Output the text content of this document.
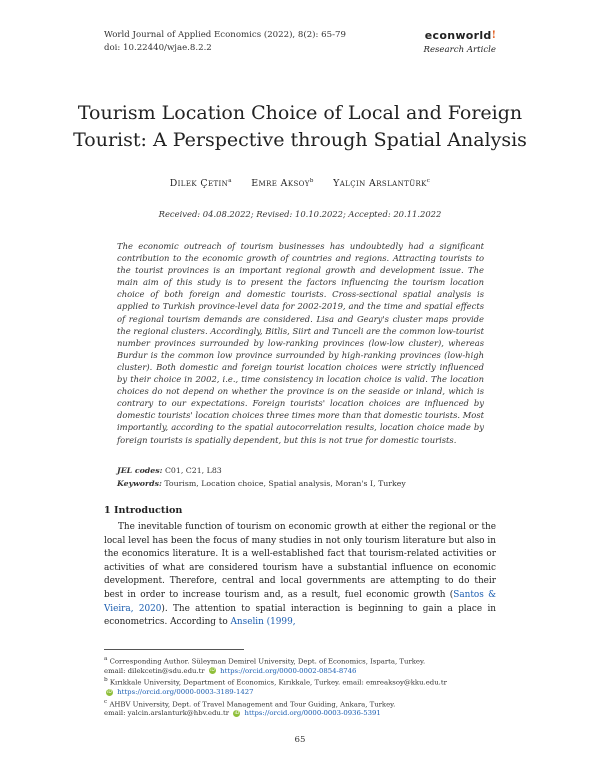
World Journal of Applied Economics (2022), 8(2): 65-79
doi: 10.22440/wjae.8.2.2
econworld!
Research Article
Tourism Location Choice of Local and Foreign
Tourist: A Perspective through Spatial Analysis
Dilek Çetin$^a$ Emre Aksoy$^b$ Yalçin Arslantürk$^c$
Received: 04.08.2022; Revised: 10.10.2022; Accepted: 20.11.2022

The economic outreach of tourism businesses has undoubtedly had a significant contribution to the economic growth of countries and regions. Attracting tourists to the tourist provinces is an important regional growth and development issue. The main aim of this study is to present the factors influencing the tourism location choice of both foreign and domestic tourists. Cross-sectional spatial analysis is applied to Turkish province-level data for 2002-2019, and the time and spatial effects of regional tourism demands are considered. Lisa and Geary's cluster maps provide the regional clusters. Accordingly, Bitlis, Siirt and Tunceli are the common low-tourist number provinces surrounded by low-ranking provinces (low-low cluster), whereas Burdur is the common low province surrounded by high-ranking provinces (low-high cluster). Both domestic and foreign tourist location choices were strictly influenced by their choice in 2002, i.e., time consistency in location choice is valid. The location choices do not depend on whether the province is on the seaside or inland, which is contrary to our expectations. Foreign tourists' location choices are influenced by domestic tourists' location choices three times more than that domestic tourists. Most importantly, according to the spatial autocorrelation results, location choice made by foreign tourists is spatially dependent, but this is not true for domestic tourists.

JEL codes: C01, C21, L83
Keywords: Tourism, Location choice, Spatial analysis, Moran's I, Turkey
1 Introduction

The inevitable function of tourism on economic growth at either the regional or the local level has been the focus of many studies in not only tourism literature but also in the economics literature. It is a well-established fact that tourism-related activities or activities of what are considered tourism have a substantial influence on economic development. Therefore, central and local governments are attempting to do their best in order to increase tourism and, as a result, fuel economic growth (Santos & Vieira, 2020). The attention to spatial interaction is beginning to gain a place in econometrics. According to Anselin (1999,

$^a$ Corresponding Author. Süleyman Demirel University, Dept. of Economics, Isparta, Turkey.
email: dilekcetin@sdu.edu.tr iD https://orcid.org/0000-0002-0854-8746
$^b$ Kırıkkale University, Department of Economics, Kırıkkale, Turkey. email: emreaksoy@kku.edu.tr
iD https://orcid.org/0000-0003-3189-1427
$^c$ AHBV University, Dept. of Travel Management and Tour Guiding, Ankara, Turkey.
email: yalcin.arslanturk@hbv.edu.tr iD https://orcid.org/0000-0003-0936-5391
65
